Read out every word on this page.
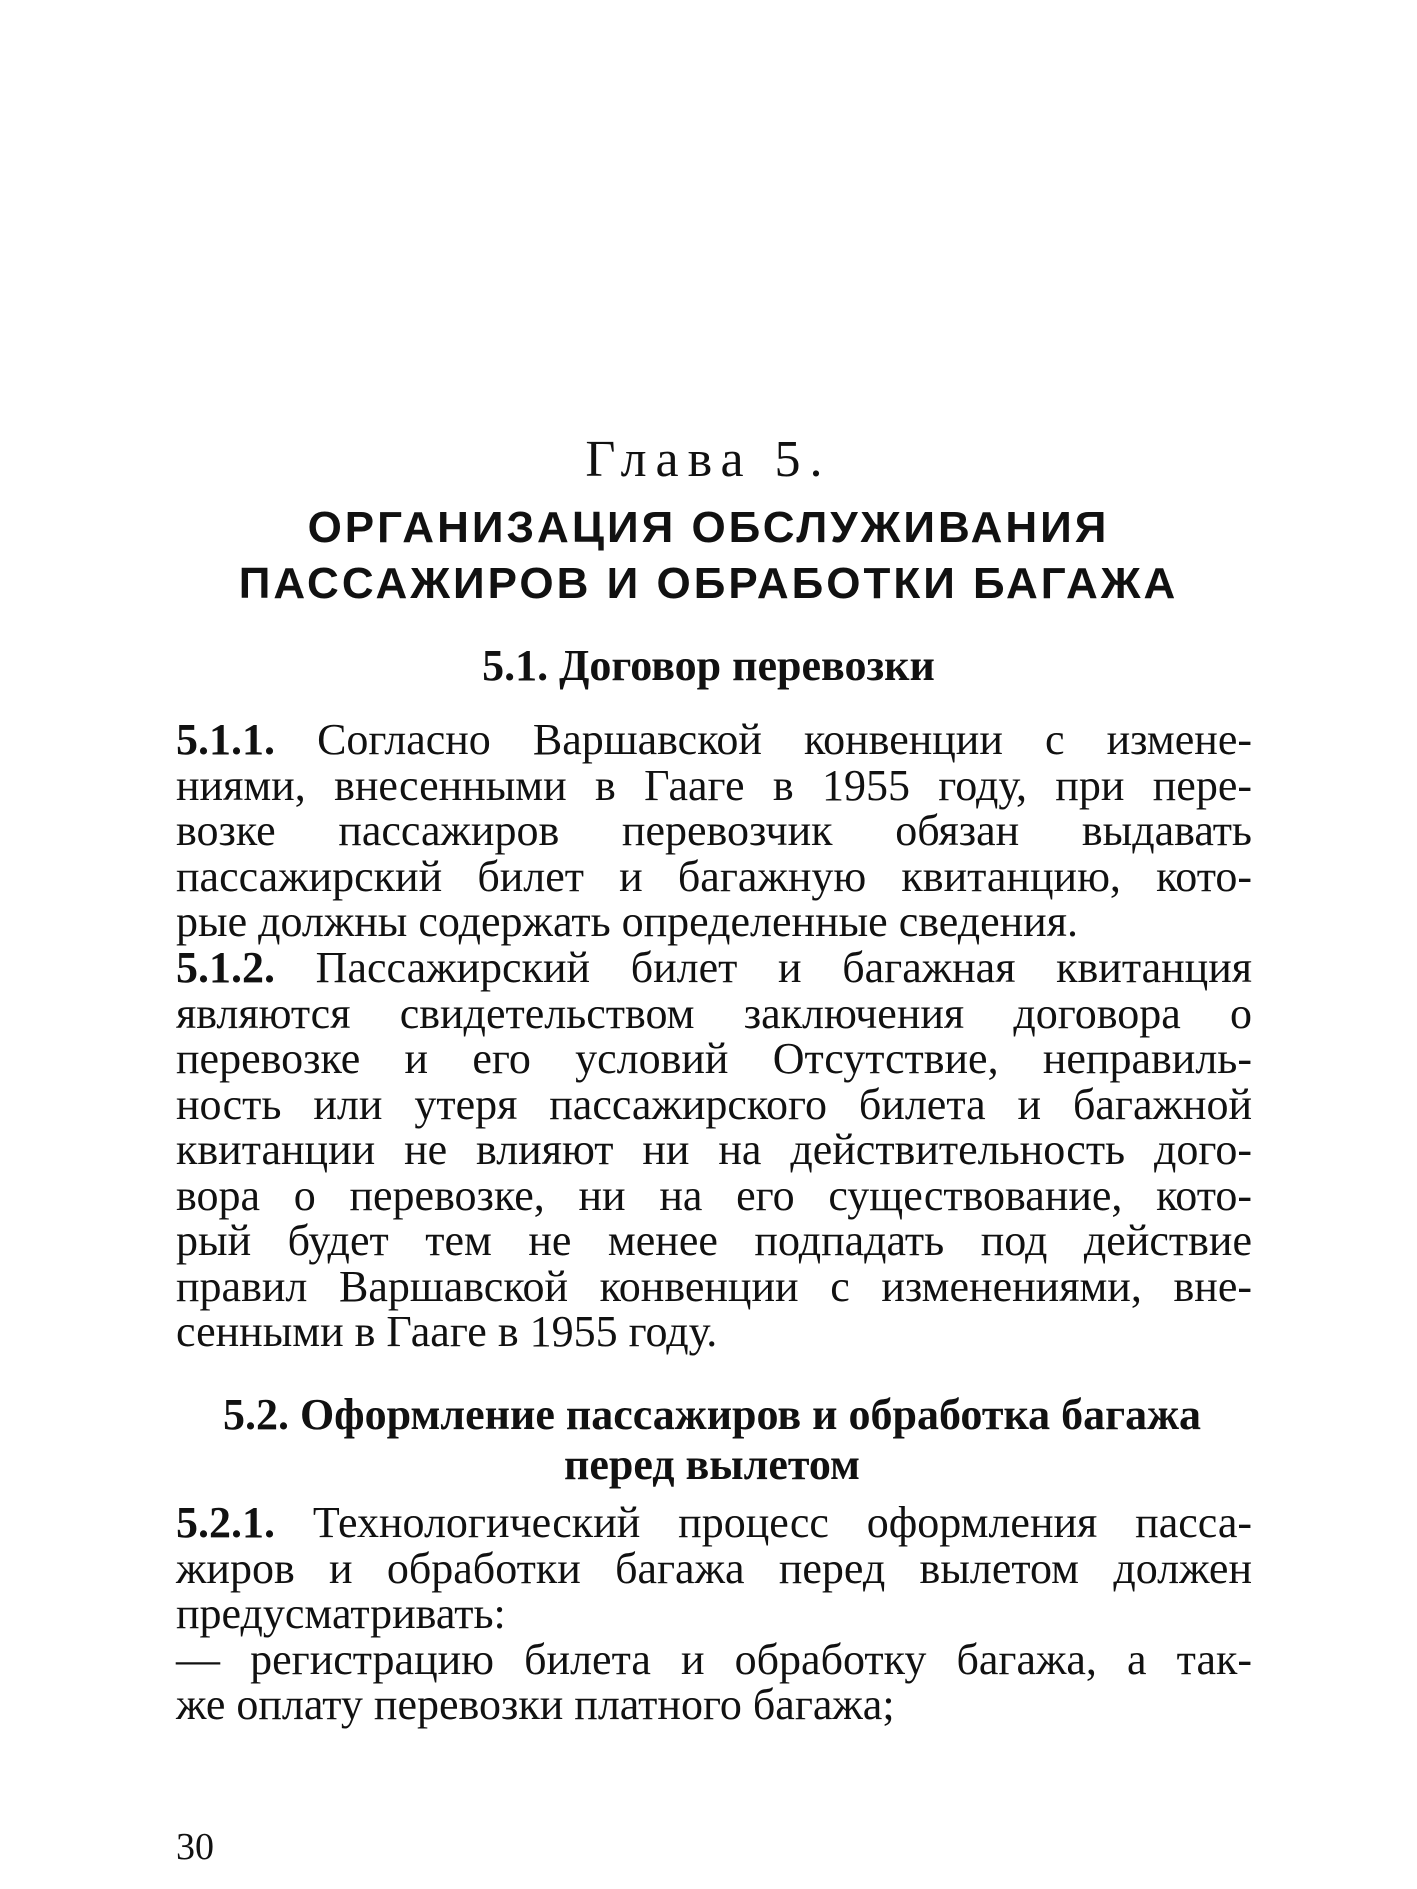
Глава 5.
ОРГАНИЗАЦИЯ ОБСЛУЖИВАНИЯ
ПАССАЖИРОВ И ОБРАБОТКИ БАГАЖА
5.1. Договор перевозки

5.1.1. Согласно Варшавской конвенции с измене-
ниями, внесенными в Гааге в 1955 году, при пере-
возке пассажиров перевозчик обязан выдавать
пассажирский билет и багажную квитанцию, кото-
рые должны содержать определенные сведения.

5.1.2. Пассажирский билет и багажная квитанция
являются свидетельством заключения договора о
перевозке и его условий Отсутствие, неправиль-
ность или утеря пассажирского билета и багажной
квитанции не влияют ни на действительность дого-
вора о перевозке, ни на его существование, кото-
рый будет тем не менее подпадать под действие
правил Варшавской конвенции с изменениями, вне-
сенными в Гааге в 1955 году.

5.2. Оформление пассажиров и обработка багажа
перед вылетом

5.2.1. Технологический процесс оформления пасса-
жиров и обработки багажа перед вылетом должен
предусматривать:
— регистрацию билета и обработку багажа, а так-
же оплату перевозки платного багажа;

30
